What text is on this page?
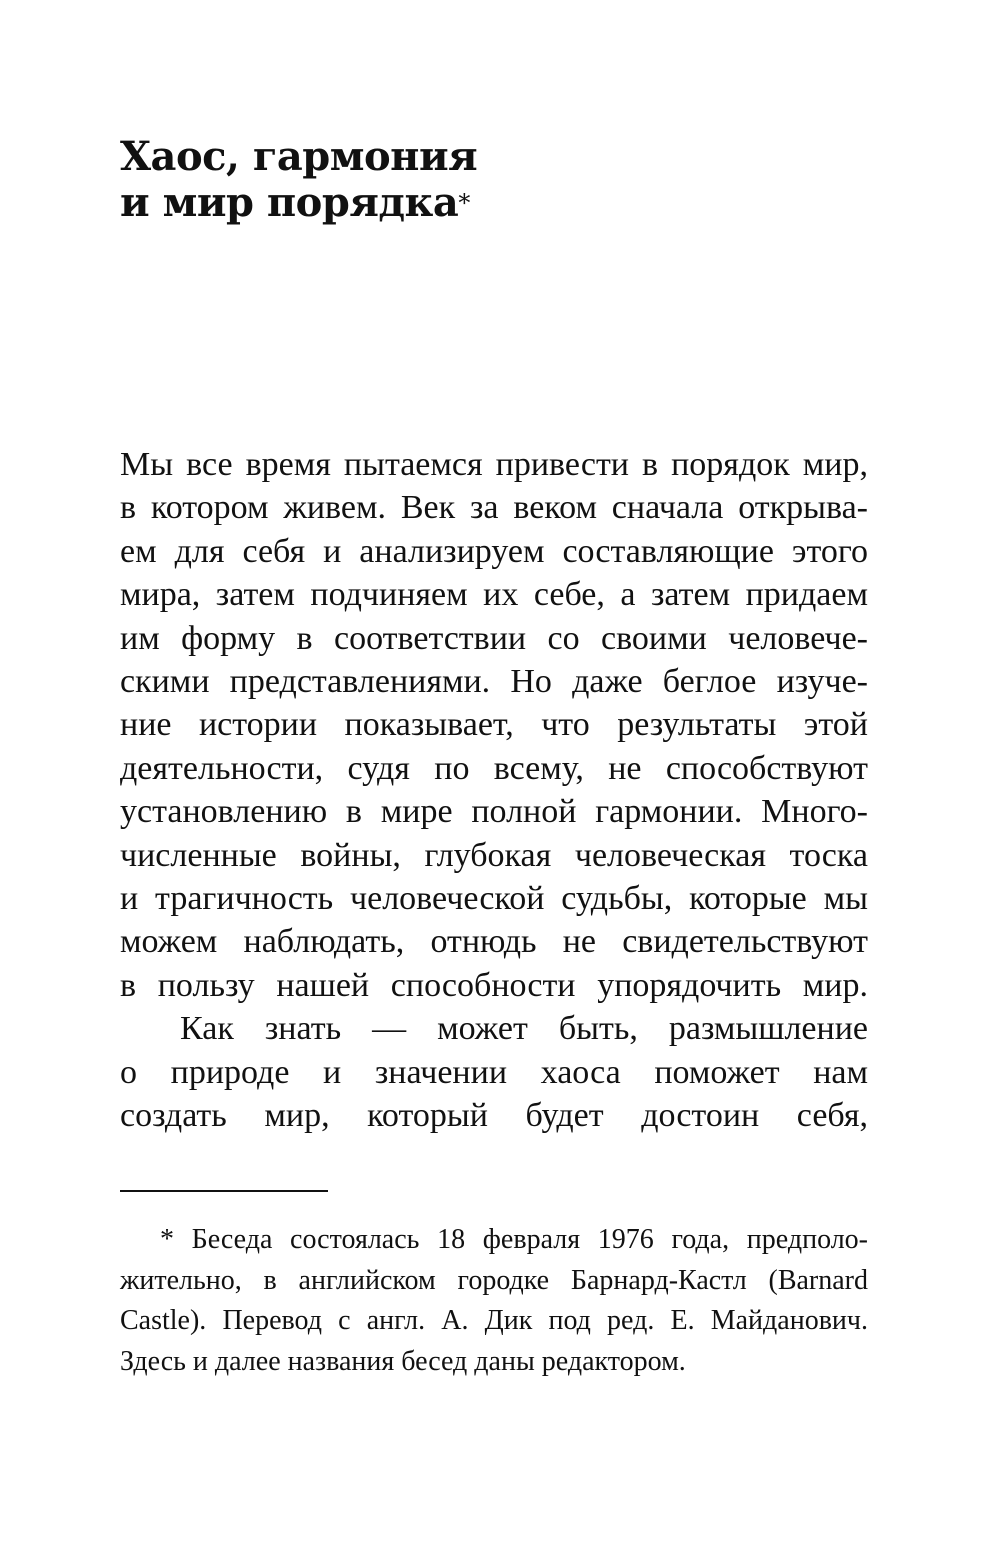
Хаос, гармония
и мир порядка*
Мы все время пытаемся привести в порядок мир,
в котором живем. Век за веком сначала открыва-
ем для себя и анализируем составляющие этого
мира, затем подчиняем их себе, а затем придаем
им форму в соответствии со своими человече-
скими представлениями. Но даже беглое изуче-
ние истории показывает, что результаты этой
деятельности, судя по всему, не способствуют
установлению в мире полной гармонии. Много-
численные войны, глубокая человеческая тоска
и трагичность человеческой судьбы, которые мы
можем наблюдать, отнюдь не свидетельствуют
в пользу нашей способности упорядочить мир.
Как знать — может быть, размышление
о природе и значении хаоса поможет нам
создать мир, который будет достоин себя,
* Беседа состоялась 18 февраля 1976 года, предполо-
жительно, в английском городке Барнард-Кастл (Barnard
Castle). Перевод с англ. А. Дик под ред. Е. Майданович.
Здесь и далее названия бесед даны редактором.
